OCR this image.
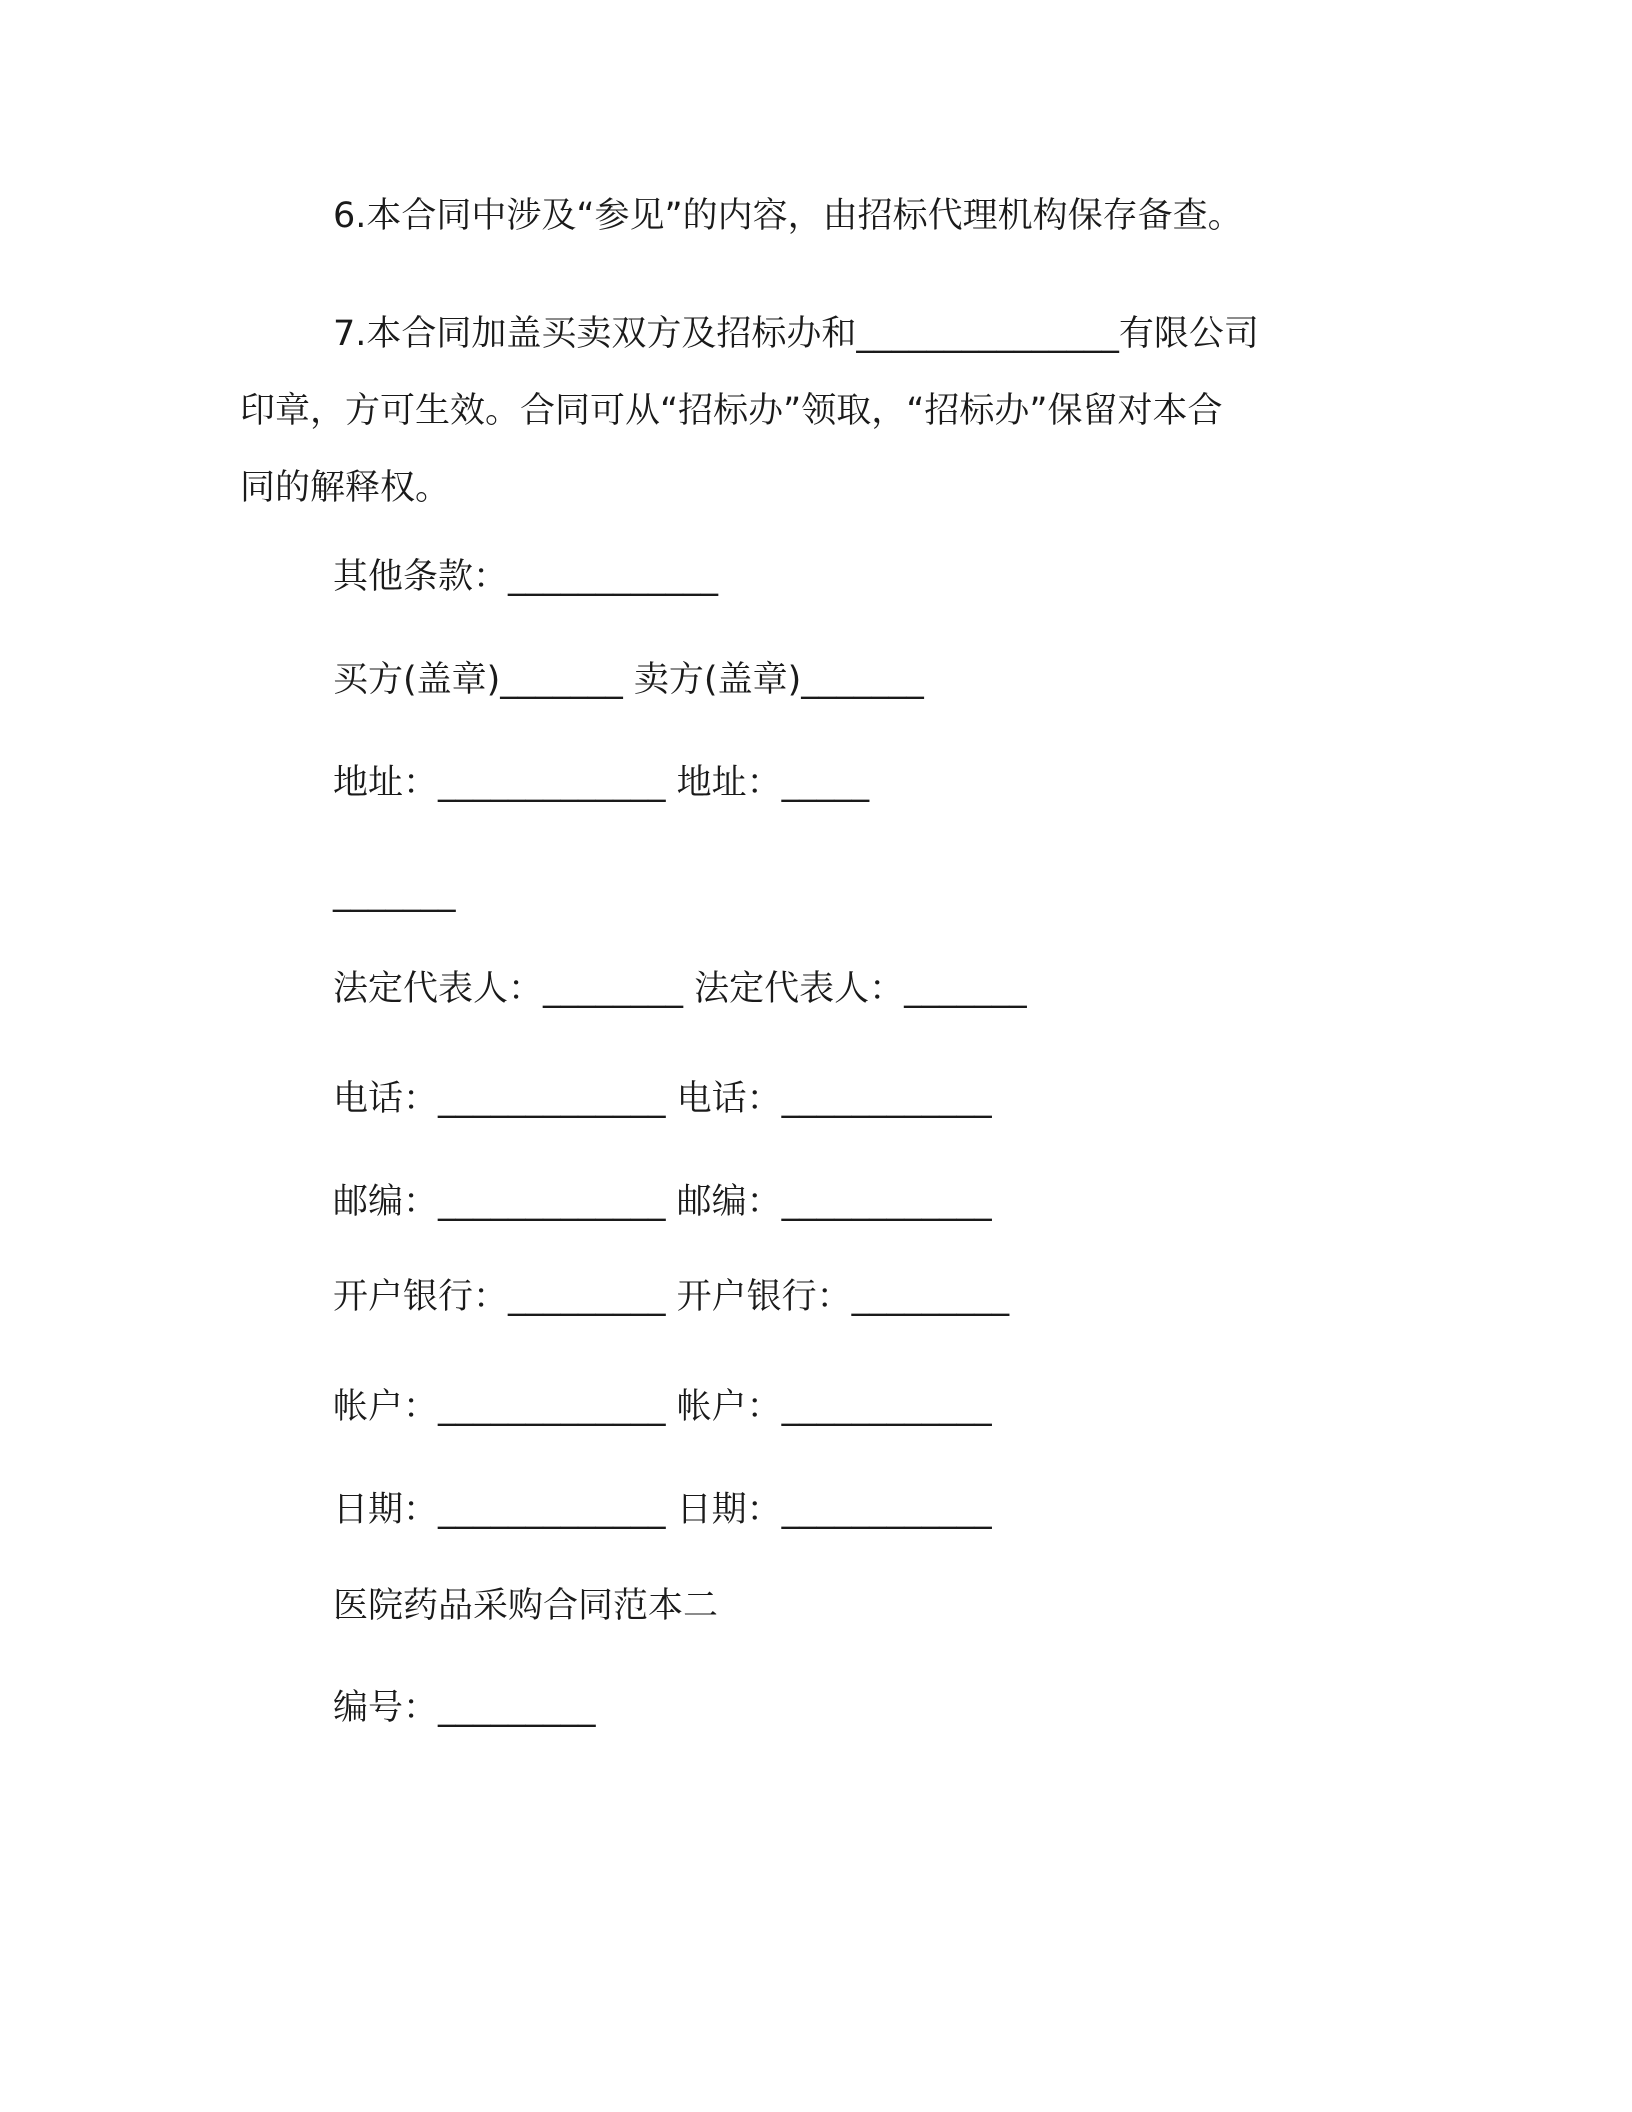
6.本合同中涉及“参见”的内容，由招标代理机构保存备查。
7.本合同加盖买卖双方及招标办和_______________有限公司
印章，方可生效。合同可从“招标办”领取，“招标办”保留对本合
同的解释权。
其他条款：____________
买方(盖章)_______ 卖方(盖章)_______
地址：_____________ 地址：_____
_______
法定代表人：________ 法定代表人：_______
电话：_____________ 电话：____________
邮编：_____________ 邮编：____________
开户银行：_________ 开户银行：_________
帐户：_____________ 帐户：____________
日期：_____________ 日期：____________
医院药品采购合同范本二
编号：_________
